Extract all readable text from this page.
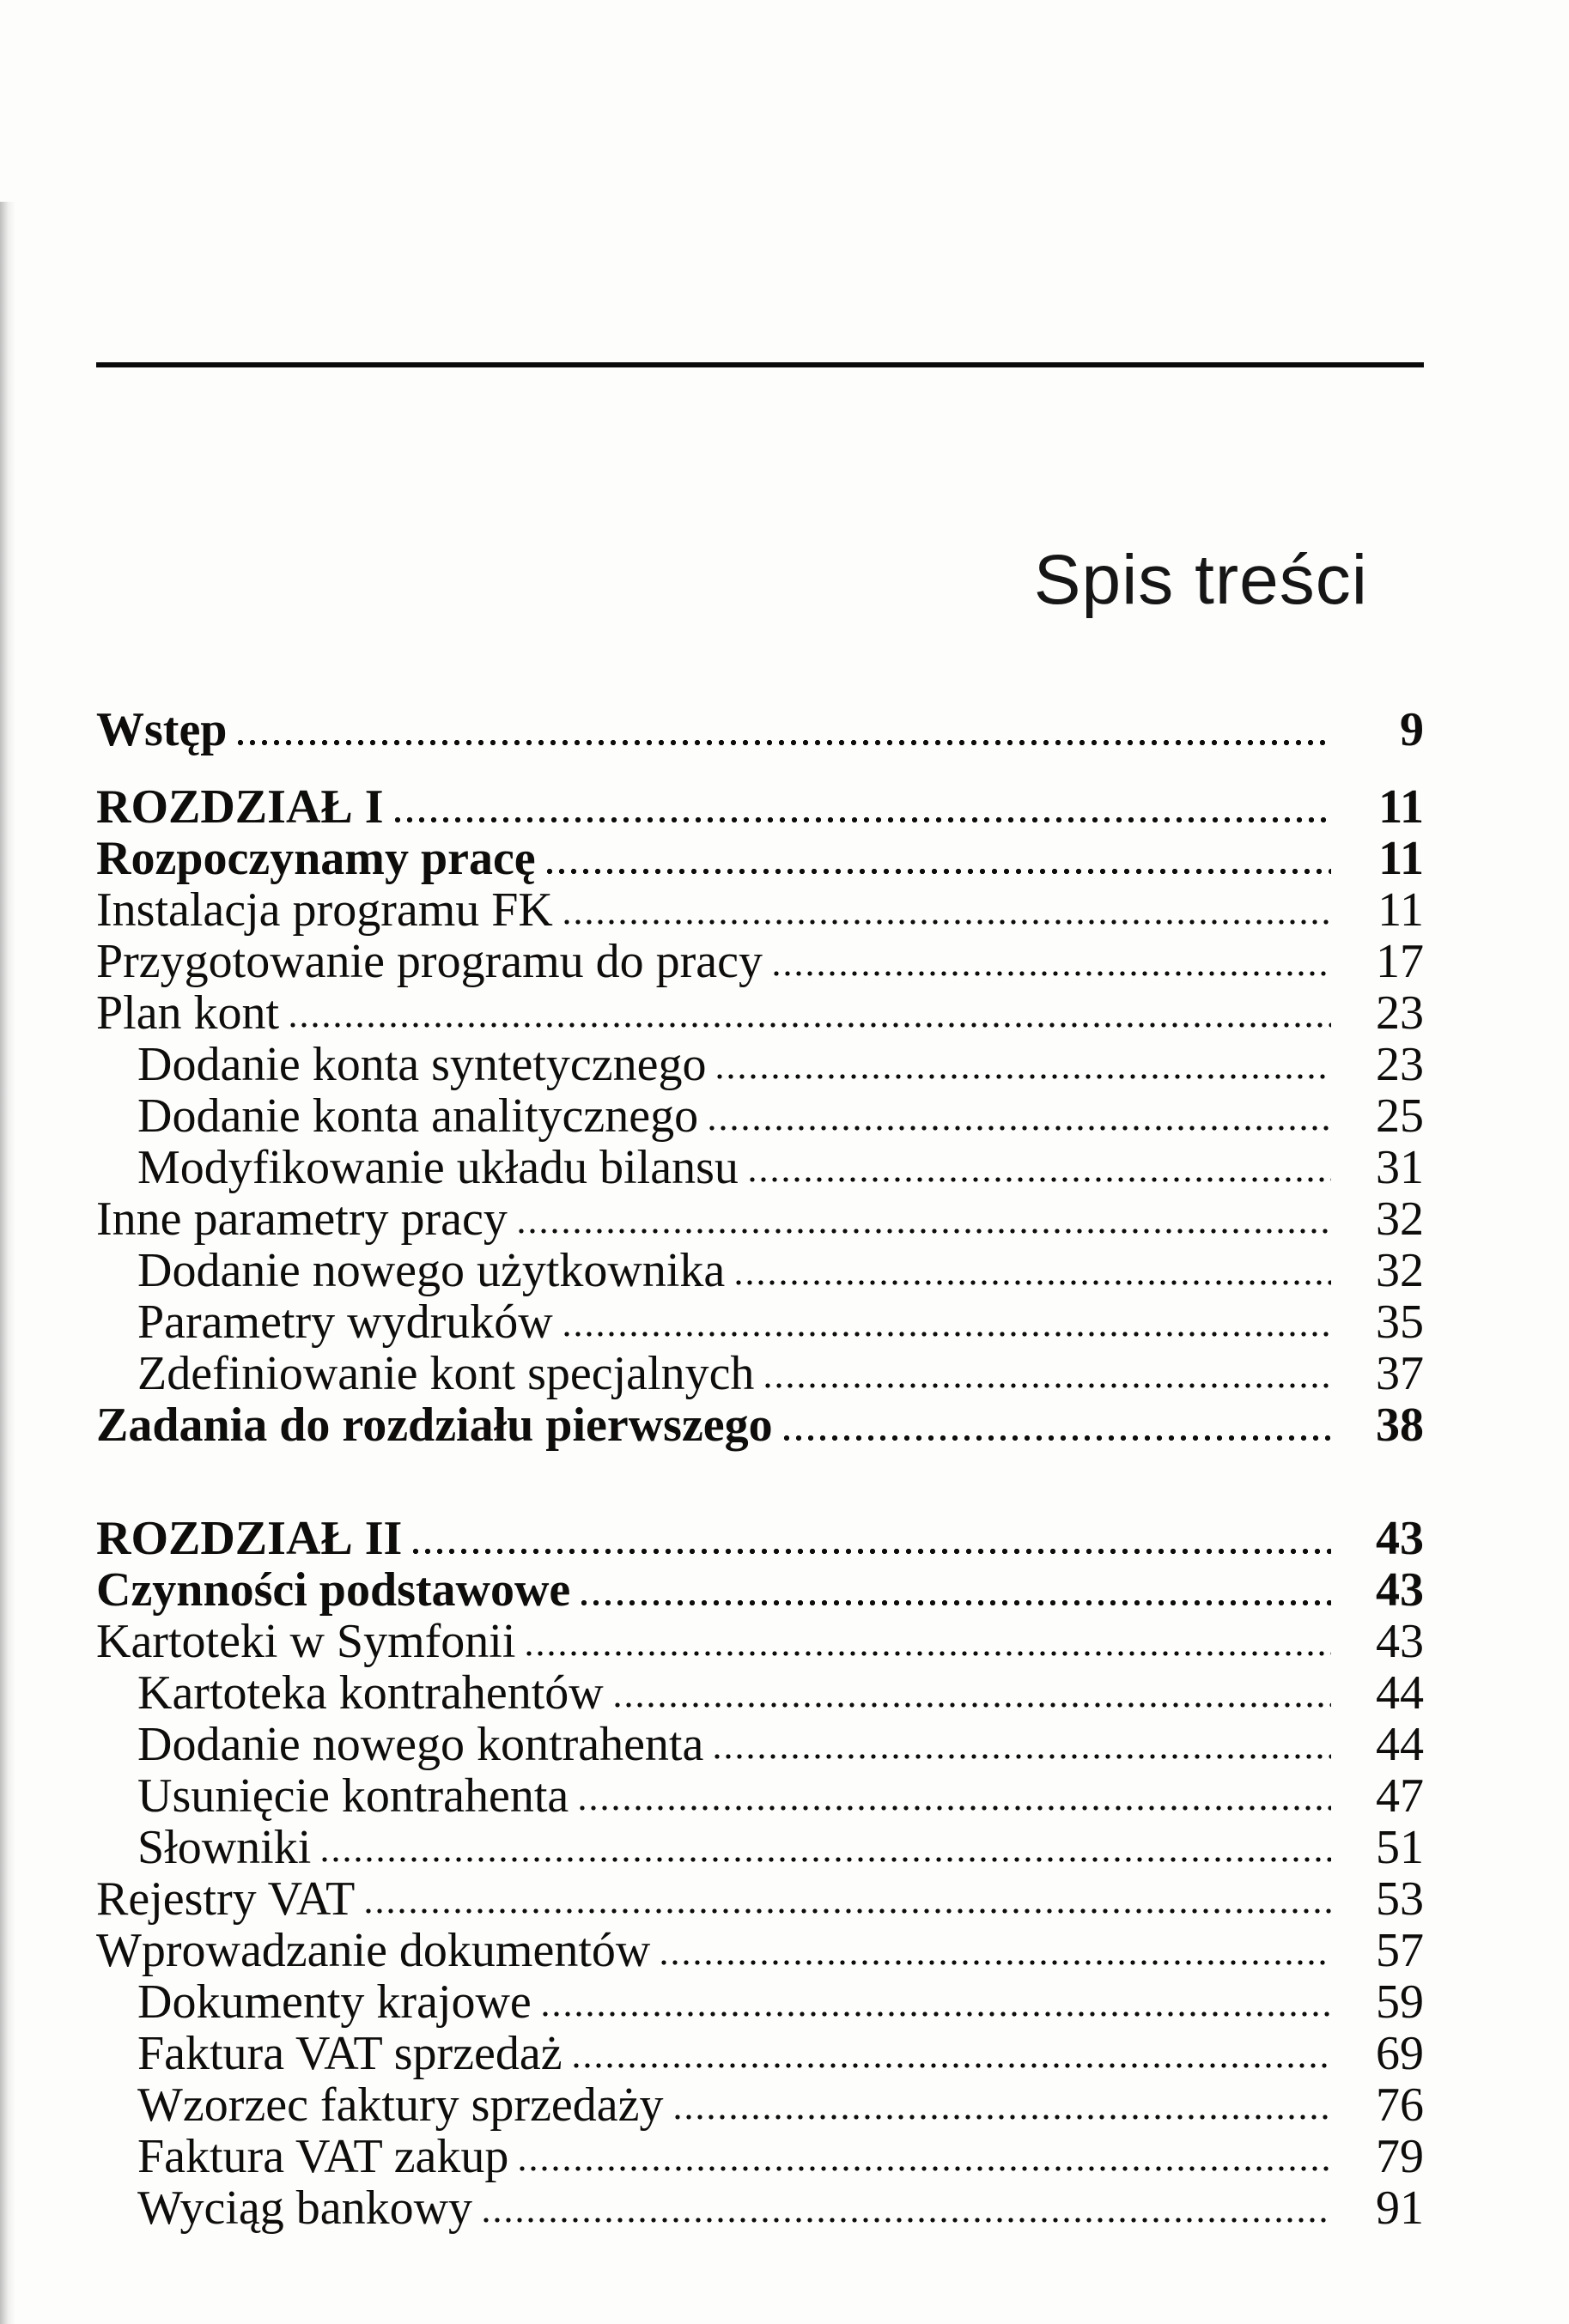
Spis treści
Wstęp	9
ROZDZIAŁ I	11
Rozpoczynamy pracę	11
Instalacja programu FK	11
Przygotowanie programu do pracy	17
Plan kont	23
Dodanie konta syntetycznego	23
Dodanie konta analitycznego	25
Modyfikowanie układu bilansu	31
Inne parametry pracy	32
Dodanie nowego użytkownika	32
Parametry wydruków	35
Zdefiniowanie kont specjalnych	37
Zadania do rozdziału pierwszego	38
ROZDZIAŁ II	43
Czynności podstawowe	43
Kartoteki w Symfonii	43
Kartoteka kontrahentów	44
Dodanie nowego kontrahenta	44
Usunięcie kontrahenta	47
Słowniki	51
Rejestry VAT	53
Wprowadzanie dokumentów	57
Dokumenty krajowe	59
Faktura VAT sprzedaż	69
Wzorzec faktury sprzedaży	76
Faktura VAT zakup	79
Wyciąg bankowy	91
